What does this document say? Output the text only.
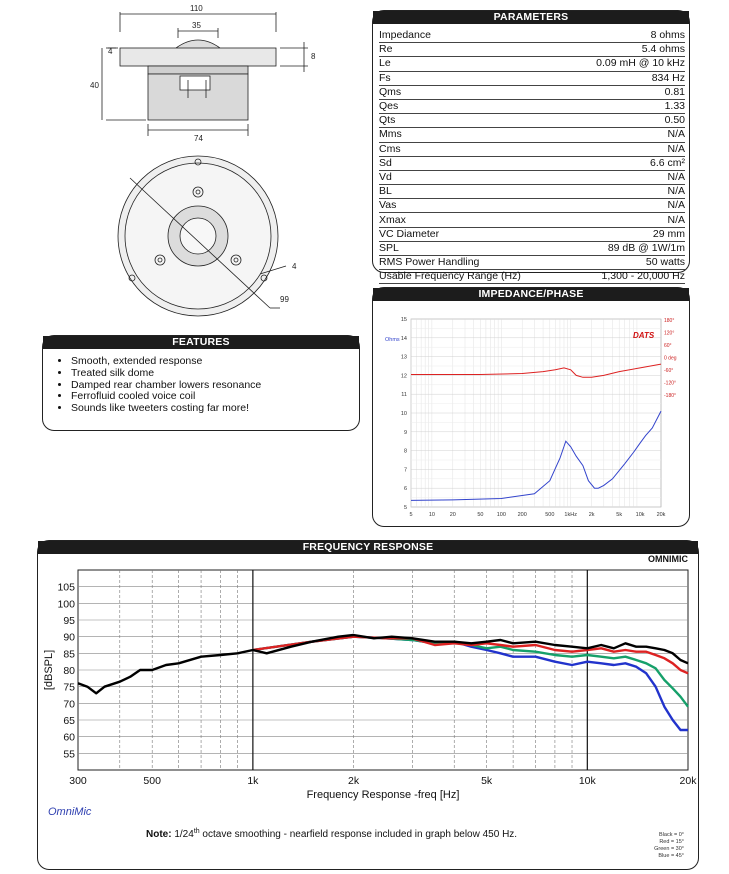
110
35
8
4
40
74
4
99
PARAMETERS
Impedance	8 ohms
Re	5.4 ohms
Le	0.09 mH @ 10 kHz
Fs	834 Hz
Qms	0.81
Qes	1.33
Qts	0.50
Mms	N/A
Cms	N/A
Sd	6.6 cm²
Vd	N/A
BL	N/A
Vas	N/A
Xmax	N/A
VC Diameter	29 mm
SPL	89 dB @ 1W/1m
RMS Power Handling	50 watts
Usable Frequency Range (Hz)	1,300 - 20,000 Hz
IMPEDANCE/PHASE
15
14
13
12
11
10
9
8
7
6
5
180°
120°
60°
0 deg
-60°
-120°
-180°
5	10	20	50 100 200	500 1kHz 2k	5k 10k 20k
Ohms	DATS
FEATURES
• Smooth, extended response
• Treated silk dome
• Damped rear chamber lowers resonance
• Ferrofluid cooled voice coil
• Sounds like tweeters costing far more!
FREQUENCY RESPONSE
OMNIMIC
105
100
95
90
85
80
75
70
65
60
55
300	500	1k	2k	5k	10k	20k
Frequency Response -freq [Hz]
[dBSPL]
OmniMic
Note: 1/24th octave smoothing - nearfield response included in graph below 450 Hz.	Black = 0°
Red = 15°
Green = 30°
Blue = 45°
